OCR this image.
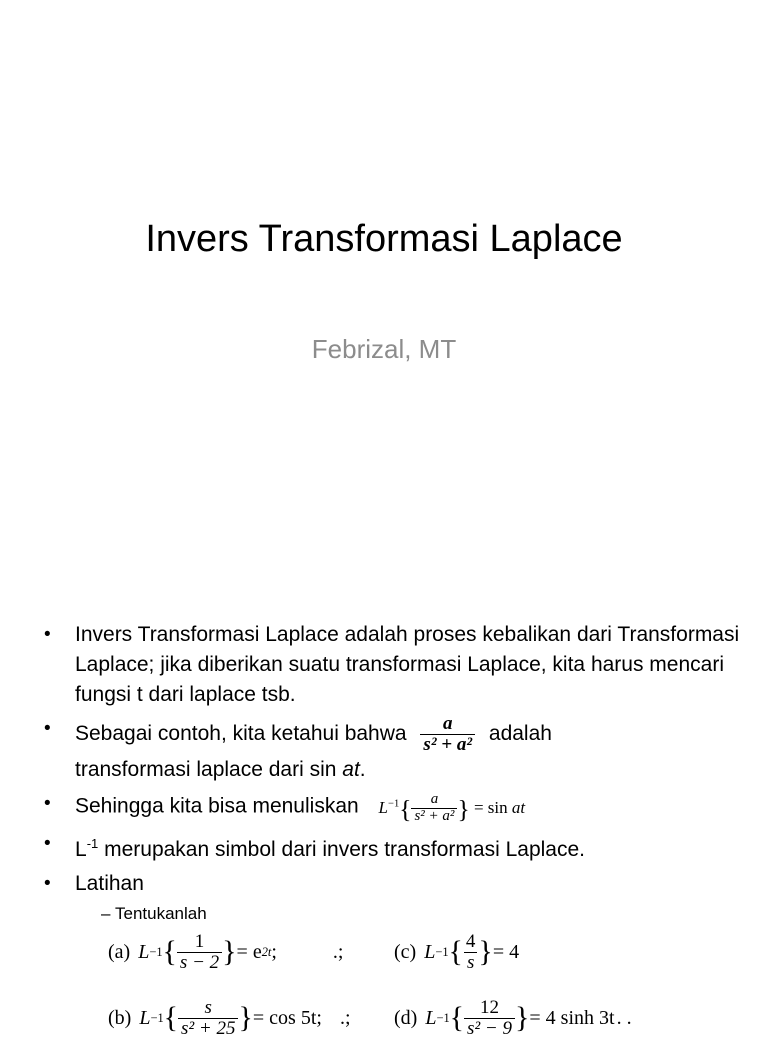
Invers Transformasi Laplace
Febrizal, MT
• Invers Transformasi Laplace adalah proses kebalikan dari Transformasi Laplace; jika diberikan suatu transformasi Laplace, kita harus mencari fungsi t dari laplace tsb.
• Sebagai contoh, kita ketahui bahwa $\frac{a}{\text{s² + a²}}$ adalah
transformasi laplace dari sin at.
• Sehingga kita bisa menuliskan $L^{-1}\{ \frac{a}{\text{s² + a²}}$ } = sin at
• $L^{-1}$ merupakan simbol dari invers transformasi Laplace.
• Latihan
– Tentukanlah
(a) L −1 { $\frac{1}{s - 2}$ } = e 2t ;	.;	(c) L −1 { $\frac{4}{s}$ } = 4
(b) L −1 { $\frac{s}{\text{s² + 25}}$ } = cos 5t ; .; (d) L −1 { $\frac{12}{\text{s² − 9}}$ } = 4 sinh 3t . .
